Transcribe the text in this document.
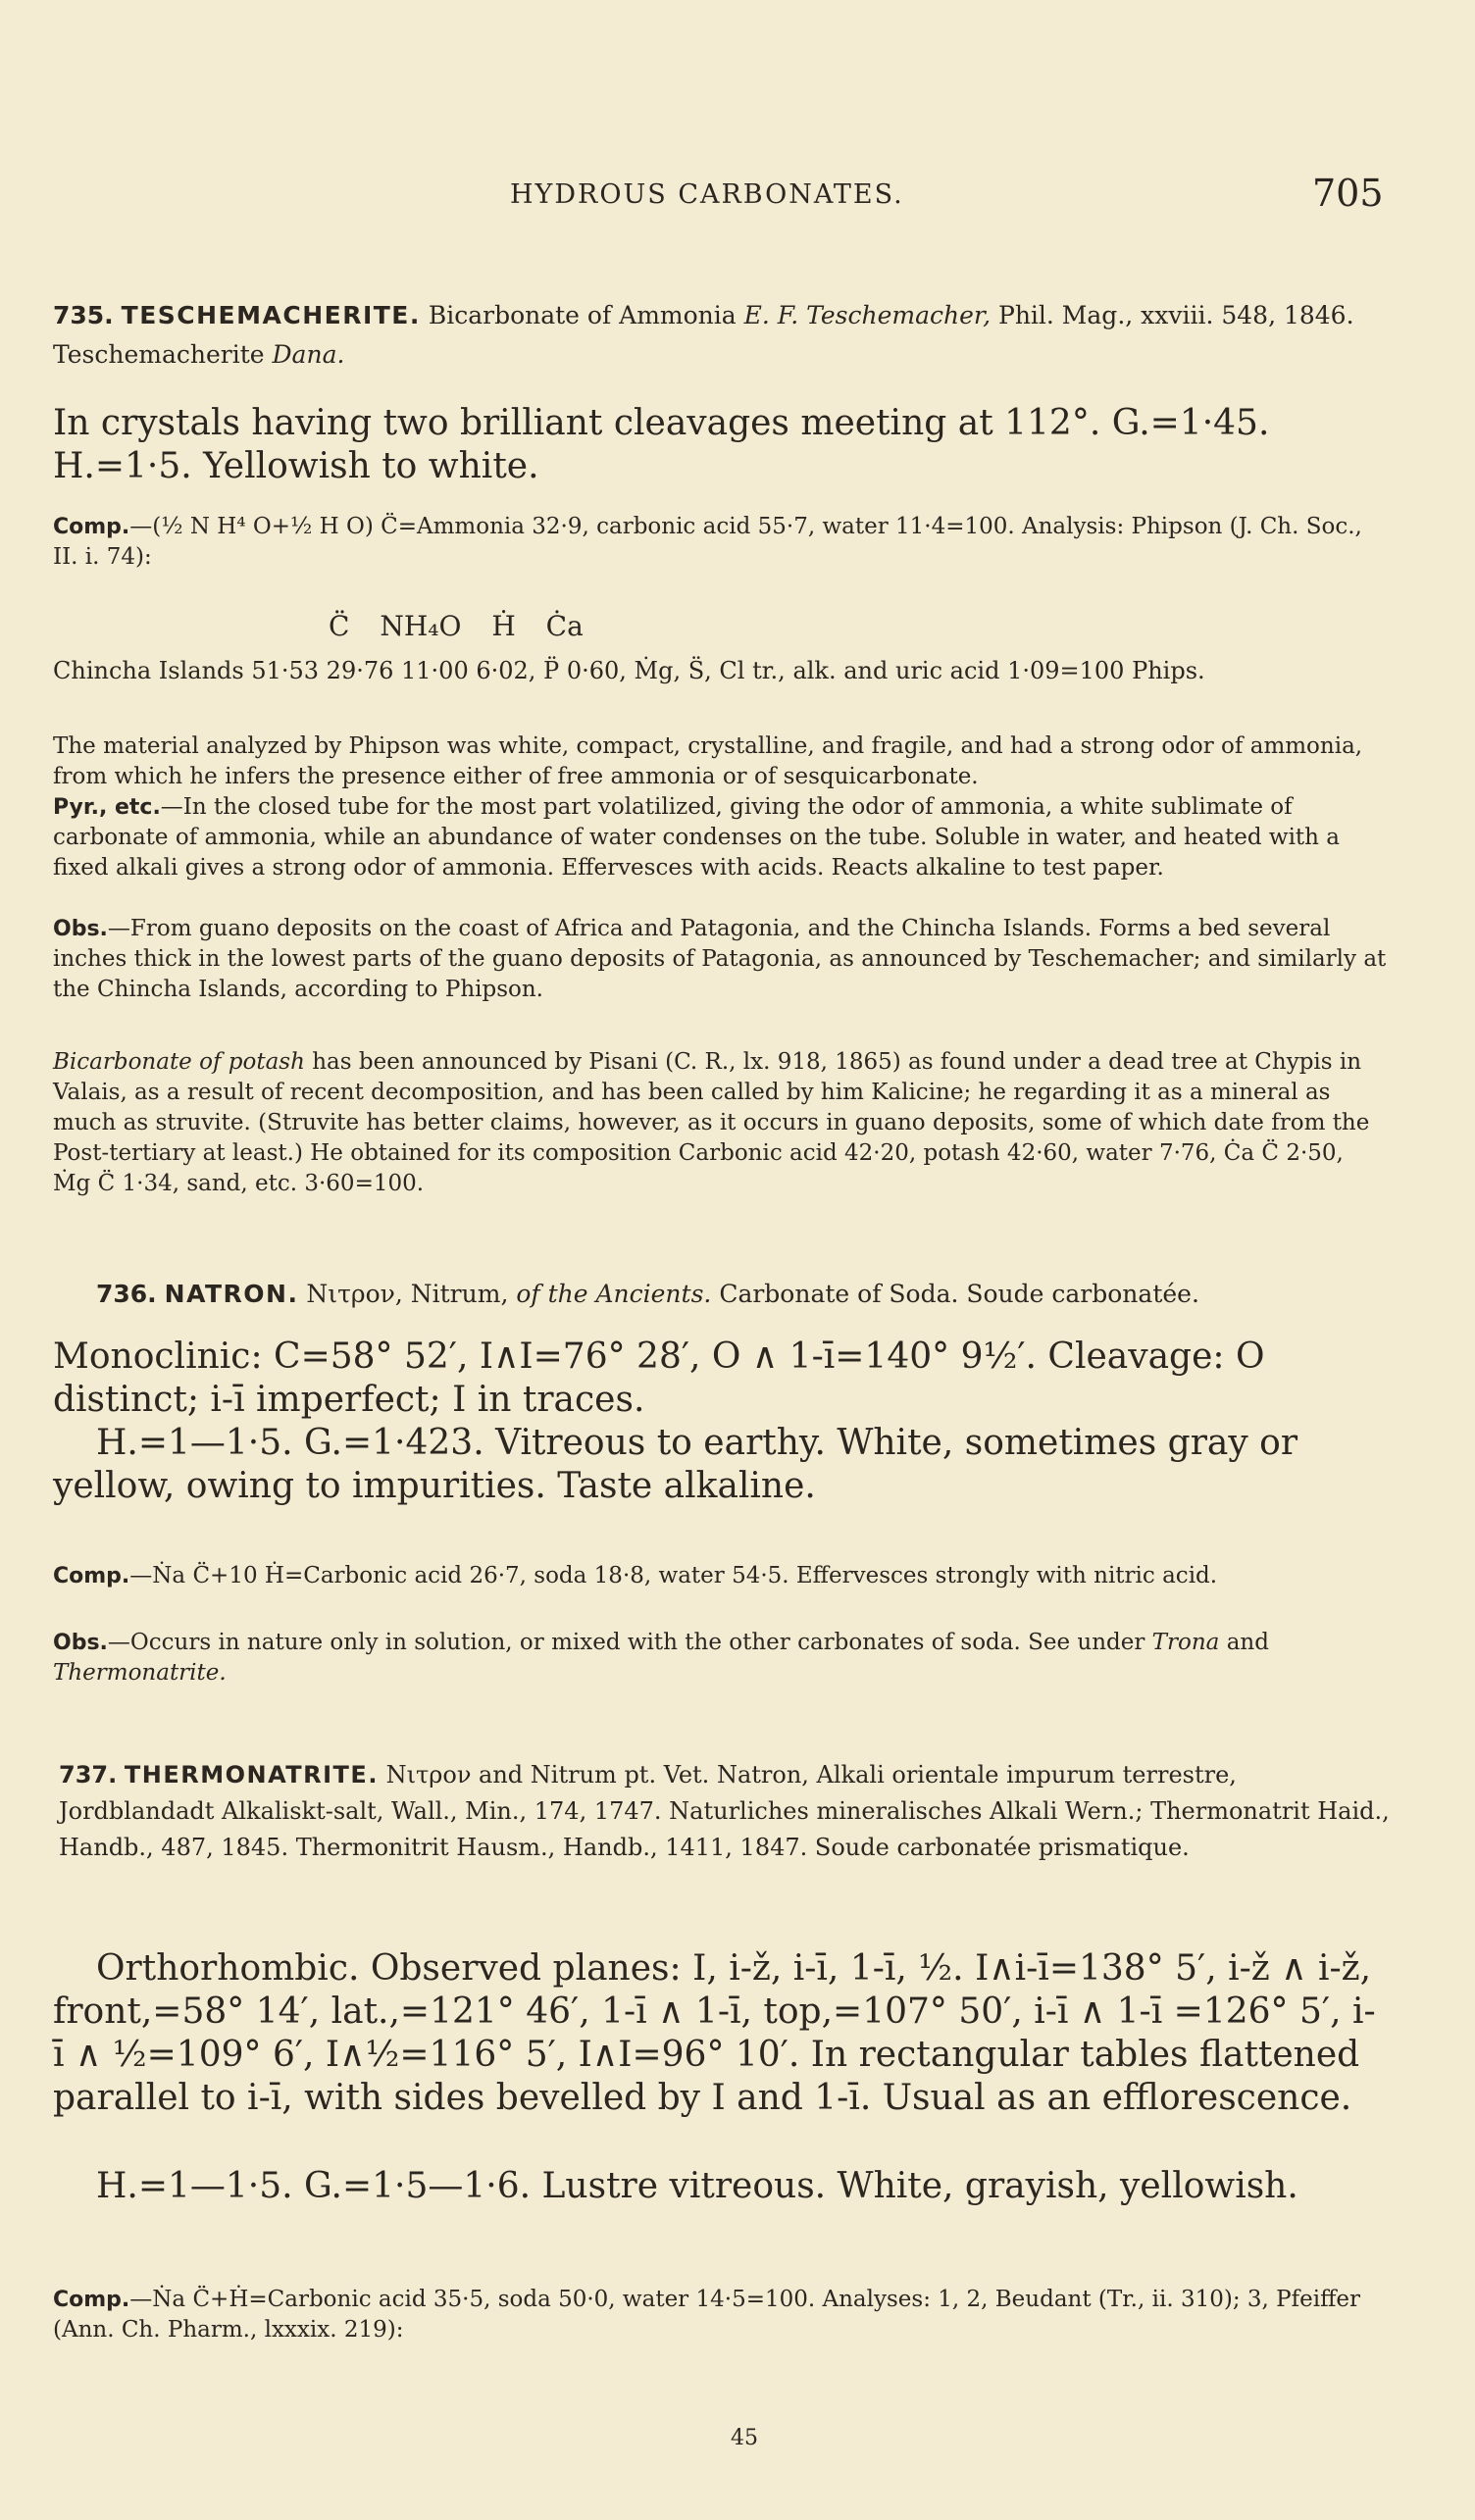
HYDROUS CARBONATES.	705
735. TESCHEMACHERITE. Bicarbonate of Ammonia E. F. Teschemacher, Phil. Mag., xxviii. 548, 1846. Teschemacherite Dana.
In crystals having two brilliant cleavages meeting at 112°. G.=1·45. H.=1·5. Yellowish to white.
Comp.—(½ N H⁴ O+½ H O) C̈=Ammonia 32·9, carbonic acid 55·7, water 11·4=100. Analysis: Phipson (J. Ch. Soc., II. i. 74):
C̈ NH₄O Ḣ Ċa
Chincha Islands 51·53 29·76 11·00 6·02, P̈ 0·60, Ṁg, S̈, Cl tr., alk. and uric acid 1·09=100 Phips.
The material analyzed by Phipson was white, compact, crystalline, and fragile, and had a strong odor of ammonia, from which he infers the presence either of free ammonia or of sesquicarbonate.
Pyr., etc.—In the closed tube for the most part volatilized, giving the odor of ammonia, a white sublimate of carbonate of ammonia, while an abundance of water condenses on the tube. Soluble in water, and heated with a fixed alkali gives a strong odor of ammonia. Effervesces with acids. Reacts alkaline to test paper.
Obs.—From guano deposits on the coast of Africa and Patagonia, and the Chincha Islands. Forms a bed several inches thick in the lowest parts of the guano deposits of Patagonia, as announced by Teschemacher; and similarly at the Chincha Islands, according to Phipson.
Bicarbonate of potash has been announced by Pisani (C. R., lx. 918, 1865) as found under a dead tree at Chypis in Valais, as a result of recent decomposition, and has been called by him Kalicine; he regarding it as a mineral as much as struvite. (Struvite has better claims, however, as it occurs in guano deposits, some of which date from the Post-tertiary at least.) He obtained for its composition Carbonic acid 42·20, potash 42·60, water 7·76, Ċa C̈ 2·50, Ṁg C̈ 1·34, sand, etc. 3·60=100.
736. NATRON. Νιτρον, Nitrum, of the Ancients. Carbonate of Soda. Soude carbonatée.
Monoclinic: C=58° 52′, I∧I=76° 28′, O ∧ 1-ī=140° 9½′. Cleavage: O distinct; i-ī imperfect; I in traces.
H.=1—1·5. G.=1·423. Vitreous to earthy. White, sometimes gray or yellow, owing to impurities. Taste alkaline.
Comp.—Ṅa C̈+10 Ḣ=Carbonic acid 26·7, soda 18·8, water 54·5. Effervesces strongly with nitric acid.
Obs.—Occurs in nature only in solution, or mixed with the other carbonates of soda. See under Trona and Thermonatrite.
737. THERMONATRITE. Νιτρον and Nitrum pt. Vet. Natron, Alkali orientale impurum terrestre, Jordblandadt Alkaliskt-salt, Wall., Min., 174, 1747. Naturliches mineralisches Alkali Wern.; Thermonatrit Haid., Handb., 487, 1845. Thermonitrit Hausm., Handb., 1411, 1847. Soude carbonatée prismatique.
Orthorhombic. Observed planes: I, i-ž, i-ī, 1-ī, ½. I∧i-ī=138° 5′, i-ž ∧ i-ž, front,=58° 14′, lat.,=121° 46′, 1-ī ∧ 1-ī, top,=107° 50′, i-ī ∧ 1-ī =126° 5′, i-ī ∧ ½=109° 6′, I∧½=116° 5′, I∧I=96° 10′. In rectangular tables flattened parallel to i-ī, with sides bevelled by I and 1-ī. Usual as an efflorescence.
H.=1—1·5. G.=1·5—1·6. Lustre vitreous. White, grayish, yellowish.
Comp.—Ṅa C̈+Ḣ=Carbonic acid 35·5, soda 50·0, water 14·5=100. Analyses: 1, 2, Beudant (Tr., ii. 310); 3, Pfeiffer (Ann. Ch. Pharm., lxxxix. 219):
45
